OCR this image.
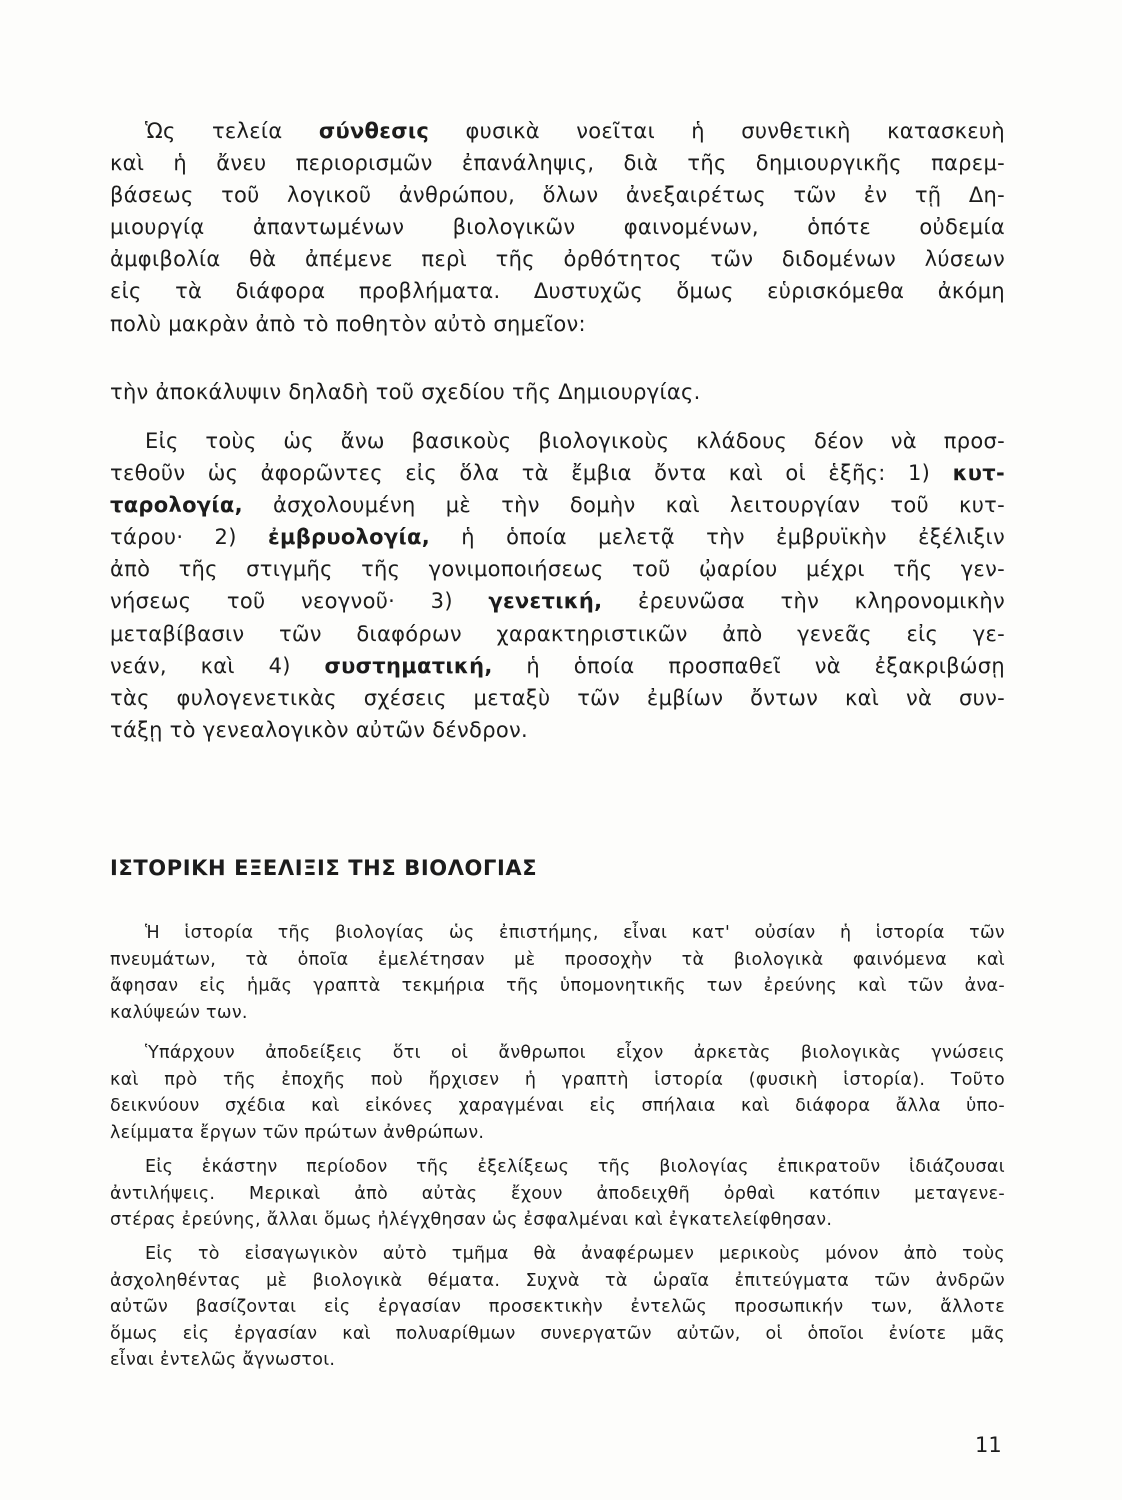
Ὡς τελεία σύνθεσις φυσικὰ νοεῖται ἡ συνθετικὴ κατασκευὴ
καὶ ἡ ἄνευ περιορισμῶν ἐπανάληψις, διὰ τῆς δημιουργικῆς παρεμ-
βάσεως τοῦ λογικοῦ ἀνθρώπου, ὅλων ἀνεξαιρέτως τῶν ἐν τῇ Δη-
μιουργίᾳ ἀπαντωμένων βιολογικῶν φαινομένων, ὁπότε οὐδεμία
ἀμφιβολία θὰ ἀπέμενε περὶ τῆς ὀρθότητος τῶν διδομένων λύσεων
εἰς τὰ διάφορα προβλήματα. Δυστυχῶς ὅμως εὑρισκόμεθα ἀκόμη
πολὺ μακρὰν ἀπὸ τὸ ποθητὸν αὐτὸ σημεῖον:
τὴν ἀποκάλυψιν δηλαδὴ τοῦ σχεδίου τῆς Δημιουργίας.
Εἰς τοὺς ὡς ἄνω βασικοὺς βιολογικοὺς κλάδους δέον νὰ προσ-
τεθοῦν ὡς ἀφορῶντες εἰς ὅλα τὰ ἔμβια ὄντα καὶ οἱ ἑξῆς: 1) κυτ-
ταρολογία, ἀσχολουμένη μὲ τὴν δομὴν καὶ λειτουργίαν τοῦ κυτ-
τάρου· 2) ἐμβρυολογία, ἡ ὁποία μελετᾷ τὴν ἐμβρυϊκὴν ἐξέλιξιν
ἀπὸ τῆς στιγμῆς τῆς γονιμοποιήσεως τοῦ ᾠαρίου μέχρι τῆς γεν-
νήσεως τοῦ νεογνοῦ· 3) γενετική, ἐρευνῶσα τὴν κληρονομικὴν
μεταβίβασιν τῶν διαφόρων χαρακτηριστικῶν ἀπὸ γενεᾶς εἰς γε-
νεάν, καὶ 4) συστηματική, ἡ ὁποία προσπαθεῖ νὰ ἐξακριβώσῃ
τὰς φυλογενετικὰς σχέσεις μεταξὺ τῶν ἐμβίων ὄντων καὶ νὰ συν-
τάξῃ τὸ γενεαλογικὸν αὐτῶν δένδρον.
ΙΣΤΟΡΙΚΗ ΕΞΕΛΙΞΙΣ ΤΗΣ ΒΙΟΛΟΓΙΑΣ
Ἡ ἱστορία τῆς βιολογίας ὡς ἐπιστήμης, εἶναι κατ' οὐσίαν ἡ ἱστορία τῶν
πνευμάτων, τὰ ὁποῖα ἐμελέτησαν μὲ προσοχὴν τὰ βιολογικὰ φαινόμενα καὶ
ἄφησαν εἰς ἡμᾶς γραπτὰ τεκμήρια τῆς ὑπομονητικῆς των ἐρεύνης καὶ τῶν ἀνα-
καλύψεών των.
Ὑπάρχουν ἀποδείξεις ὅτι οἱ ἄνθρωποι εἶχον ἀρκετὰς βιολογικὰς γνώσεις
καὶ πρὸ τῆς ἐποχῆς ποὺ ἤρχισεν ἡ γραπτὴ ἱστορία (φυσικὴ ἱστορία). Τοῦτο
δεικνύουν σχέδια καὶ εἰκόνες χαραγμέναι εἰς σπήλαια καὶ διάφορα ἄλλα ὑπο-
λείμματα ἔργων τῶν πρώτων ἀνθρώπων.
Εἰς ἑκάστην περίοδον τῆς ἐξελίξεως τῆς βιολογίας ἐπικρατοῦν ἰδιάζουσαι
ἀντιλήψεις. Μερικαὶ ἀπὸ αὐτὰς ἔχουν ἀποδειχθῆ ὀρθαὶ κατόπιν μεταγενε-
στέρας ἐρεύνης, ἄλλαι ὅμως ἠλέγχθησαν ὡς ἐσφαλμέναι καὶ ἐγκατελείφθησαν.
Εἰς τὸ εἰσαγωγικὸν αὐτὸ τμῆμα θὰ ἀναφέρωμεν μερικοὺς μόνον ἀπὸ τοὺς
ἀσχοληθέντας μὲ βιολογικὰ θέματα. Συχνὰ τὰ ὡραῖα ἐπιτεύγματα τῶν ἀνδρῶν
αὐτῶν βασίζονται εἰς ἐργασίαν προσεκτικὴν ἐντελῶς προσωπικήν των, ἄλλοτε
ὅμως εἰς ἐργασίαν καὶ πολυαρίθμων συνεργατῶν αὐτῶν, οἱ ὁποῖοι ἐνίοτε μᾶς
εἶναι ἐντελῶς ἄγνωστοι.
11
